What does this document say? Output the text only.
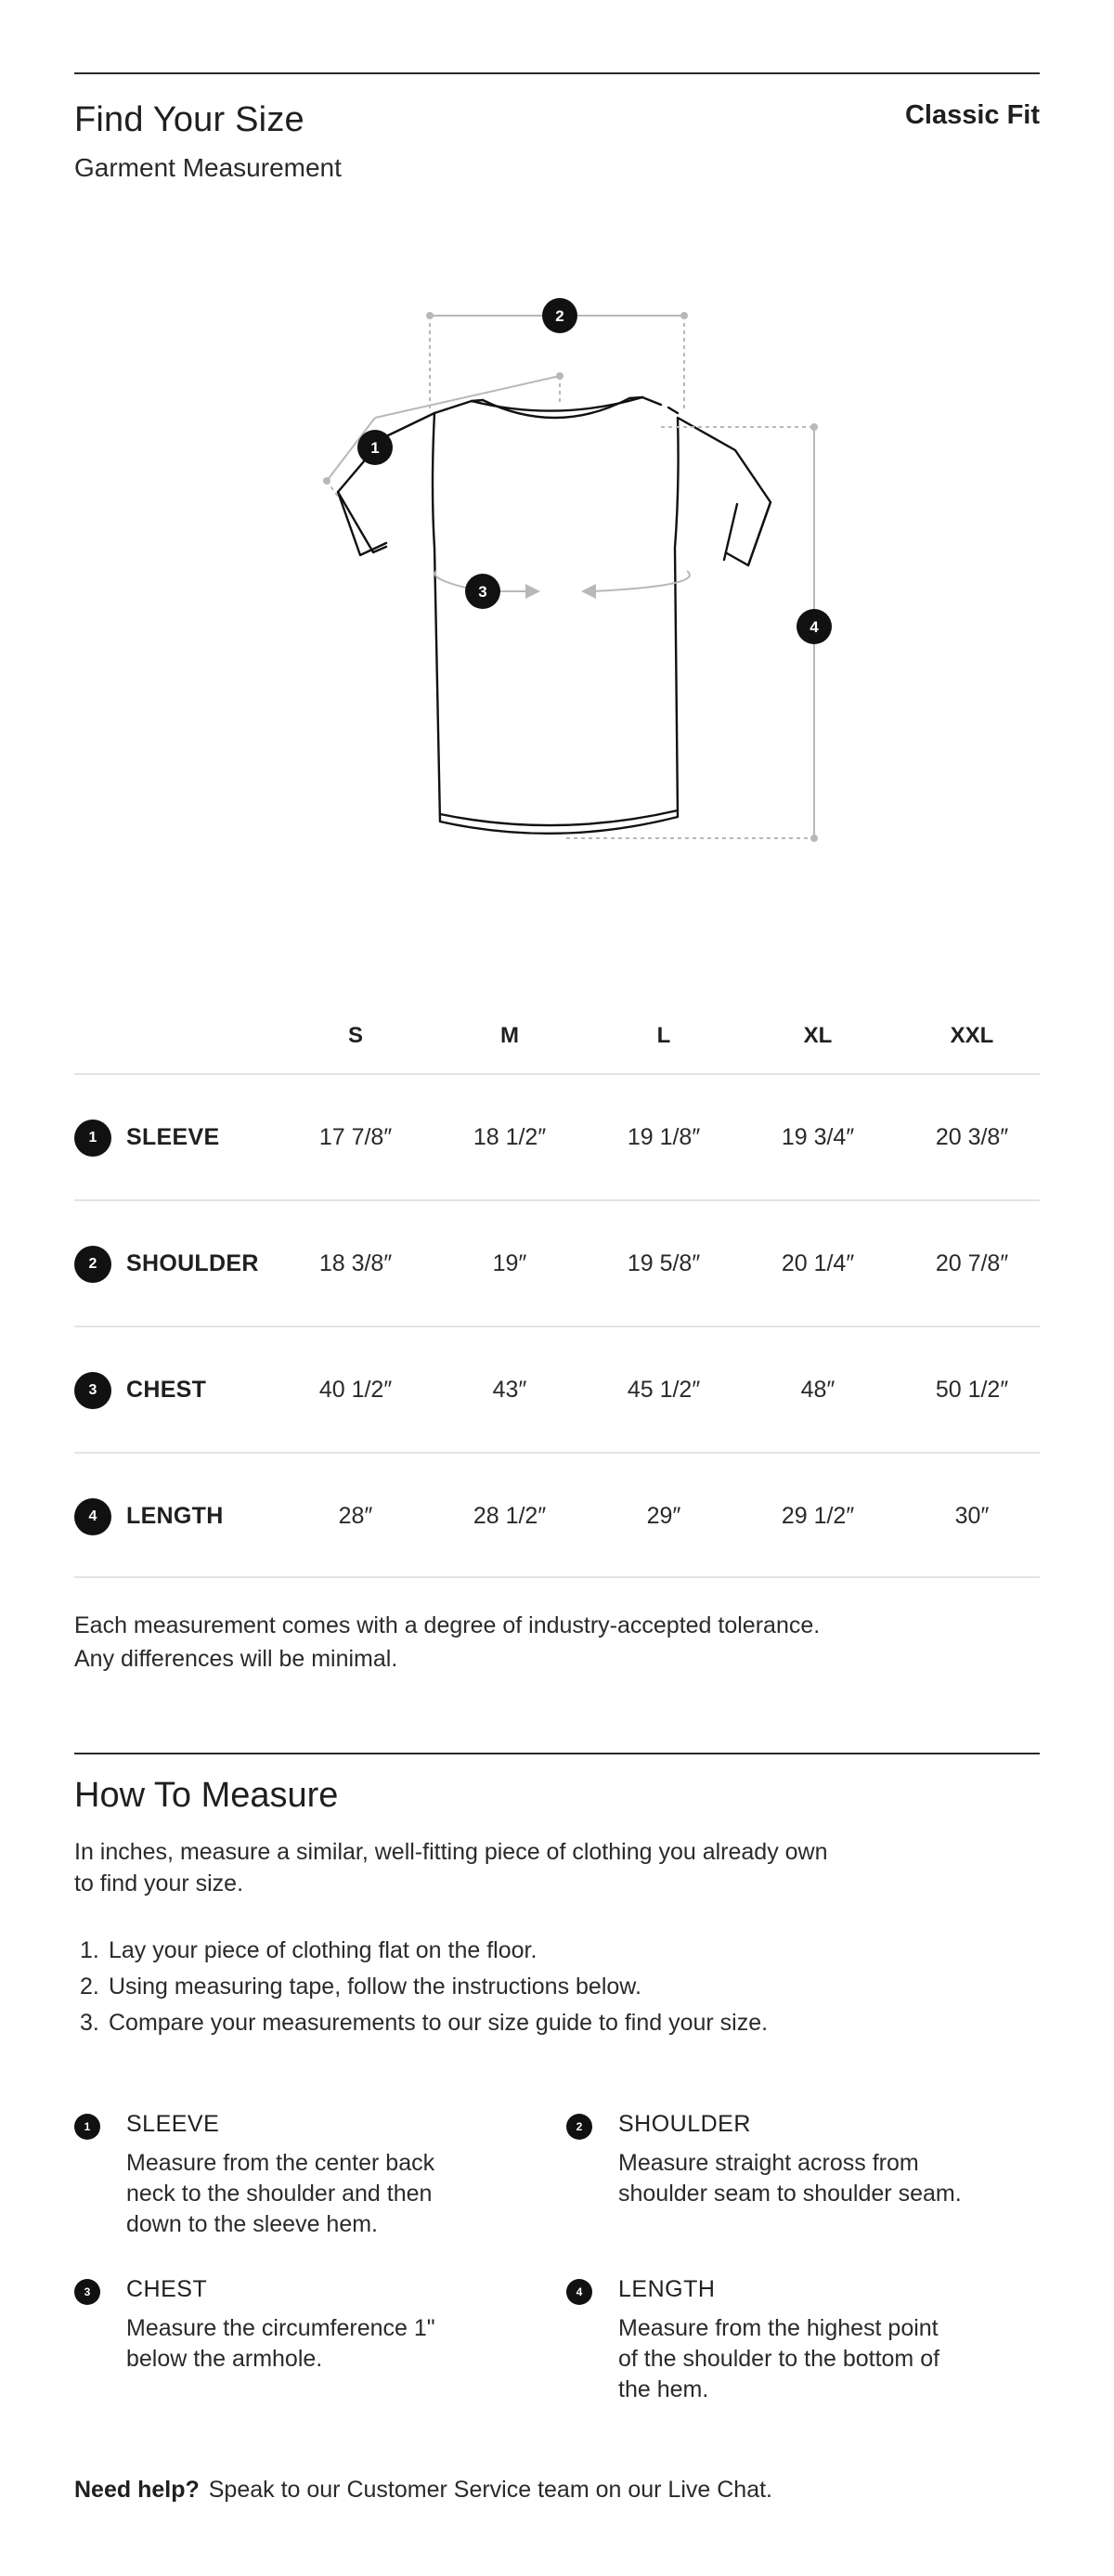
Find Your Size
Garment Measurement
Classic Fit
1
2
3
4
S	M	L	XL	XXL
1	SLEEVE	17 7/8″	18 1/2″	19 1/8″	19 3/4″	20 3/8″
2	SHOULDER	18 3/8″	19″	19 5/8″	20 1/4″	20 7/8″
3	CHEST	40 1/2″	43″	45 1/2″	48″	50 1/2″
4	LENGTH	28″	28 1/2″	29″	29 1/2″	30″
Each measurement comes with a degree of industry-accepted tolerance.
Any differences will be minimal.
How To Measure
In inches, measure a similar, well-fitting piece of clothing you already own
to find your size.
1. Lay your piece of clothing flat on the floor.
2. Using measuring tape, follow the instructions below.
3. Compare your measurements to our size guide to find your size.
1	SLEEVE
Measure from the center back
neck to the shoulder and then
down to the sleeve hem.
2	SHOULDER
Measure straight across from
shoulder seam to shoulder seam.
3	CHEST
Measure the circumference 1"
below the armhole.
4	LENGTH
Measure from the highest point
of the shoulder to the bottom of
the hem.
Need help? Speak to our Customer Service team on our Live Chat.
